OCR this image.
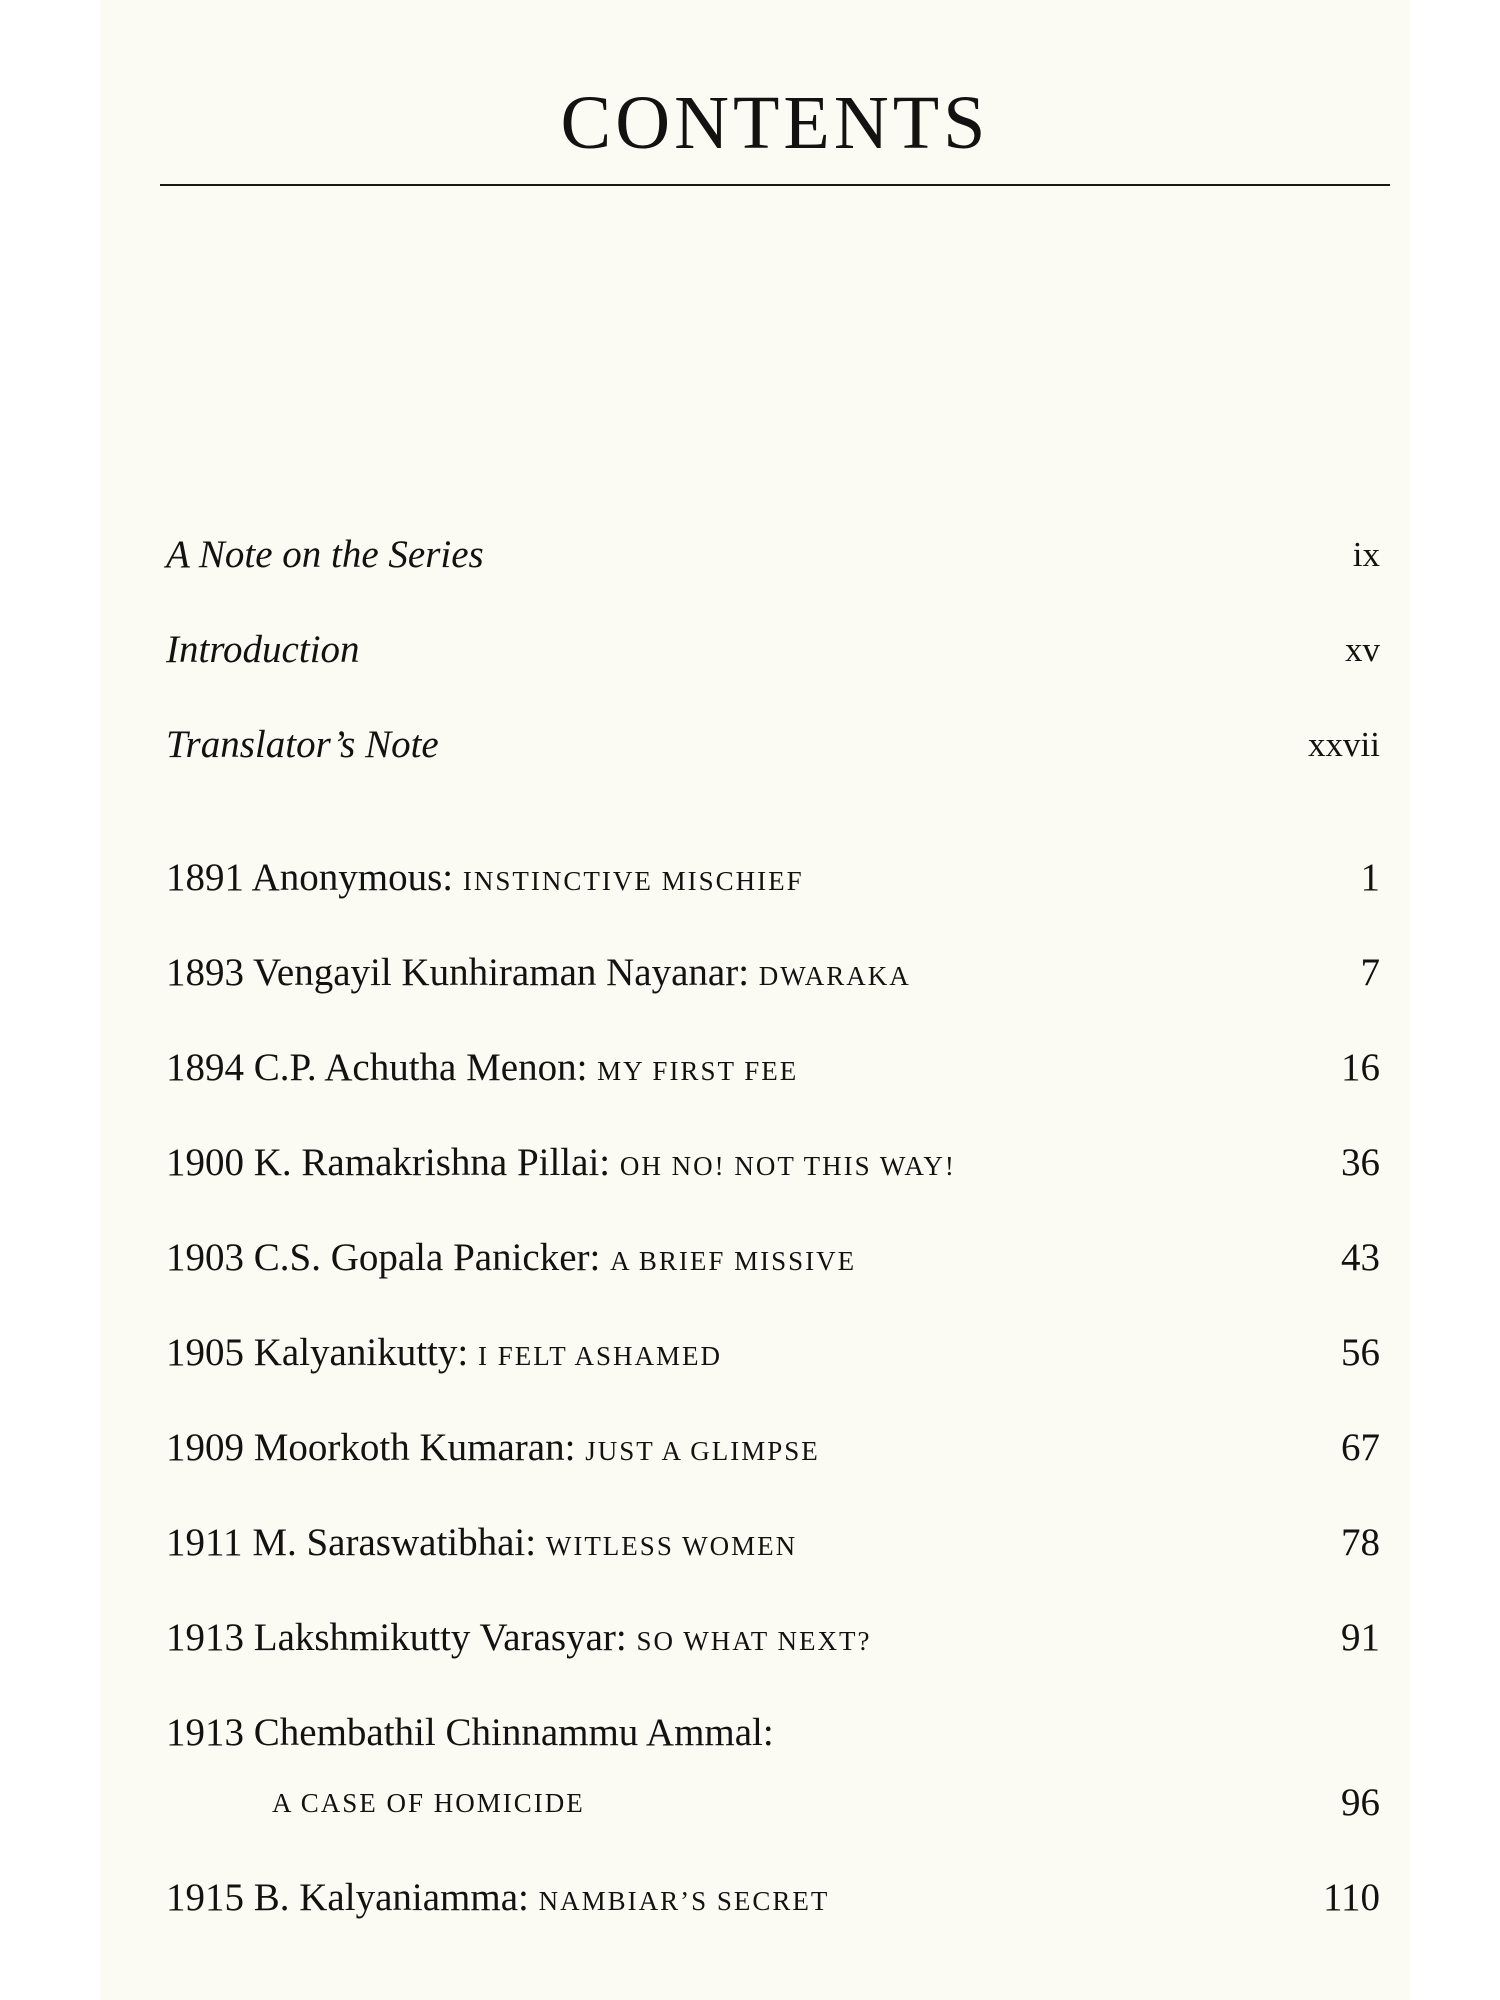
CONTENTS
A Note on the Series	ix
Introduction	xv
Translator’s Note	xxvii
1891 Anonymous: INSTINCTIVE MISCHIEF	1
1893 Vengayil Kunhiraman Nayanar: DWARAKA	7
1894 C.P. Achutha Menon: MY FIRST FEE	16
1900 K. Ramakrishna Pillai: OH NO! NOT THIS WAY!	36
1903 C.S. Gopala Panicker: A BRIEF MISSIVE	43
1905 Kalyanikutty: I FELT ASHAMED	56
1909 Moorkoth Kumaran: JUST A GLIMPSE	67
1911 M. Saraswatibhai: WITLESS WOMEN	78
1913 Lakshmikutty Varasyar: SO WHAT NEXT?	91
1913 Chembathil Chinnammu Ammal:
A CASE OF HOMICIDE	96
1915 B. Kalyaniamma: NAMBIAR’S SECRET	110
